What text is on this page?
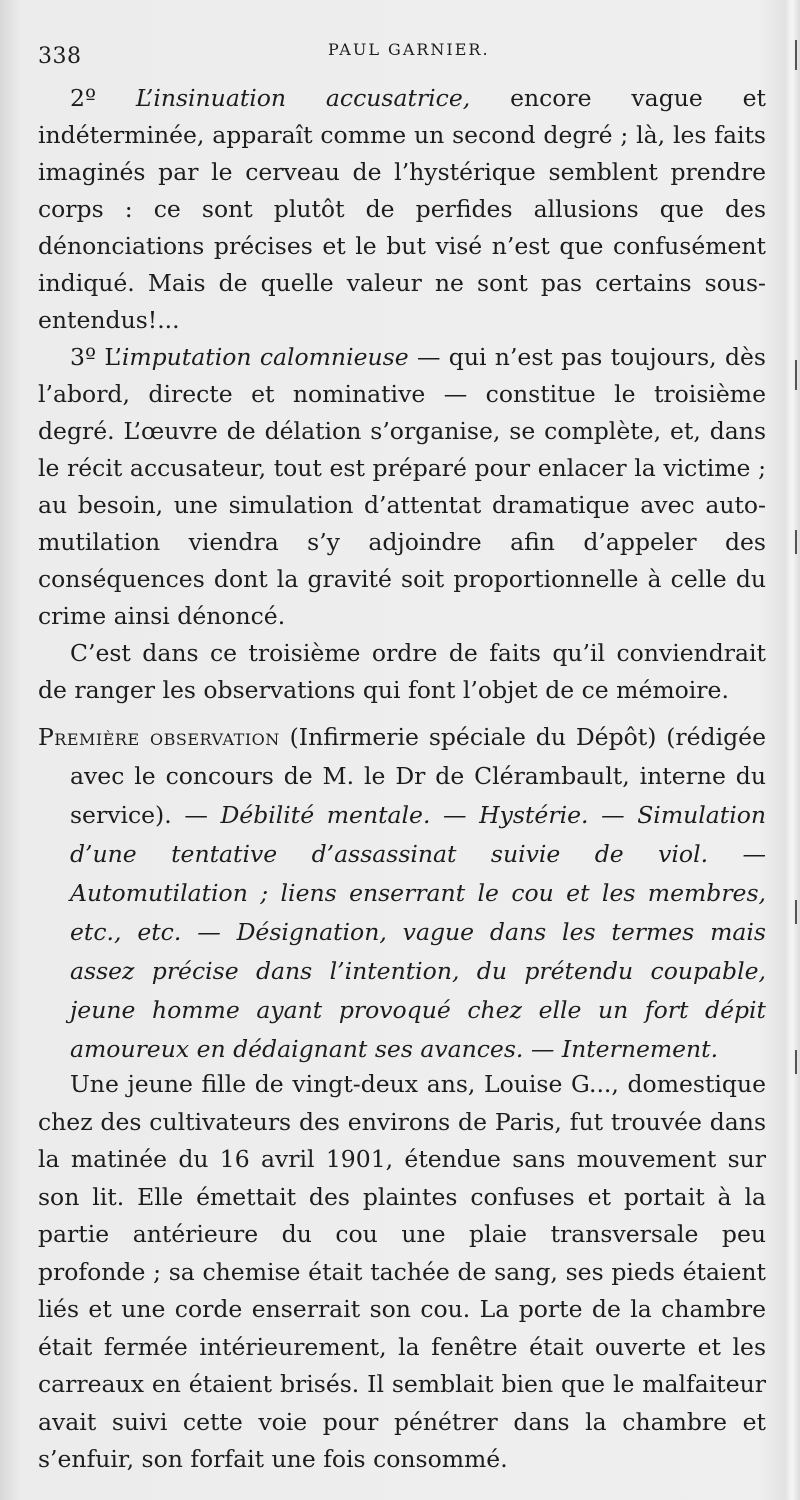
338	PAUL GARNIER.

2º L’insinuation accusatrice, encore vague et indéterminée, apparaît comme un second degré ; là, les faits imaginés par le cerveau de l’hystérique semblent prendre corps : ce sont plutôt de perfides allusions que des dénonciations précises et le but visé n’est que confusément indiqué. Mais de quelle valeur ne sont pas certains sous-entendus!...

3º L’imputation calomnieuse — qui n’est pas toujours, dès l’abord, directe et nominative — constitue le troisième degré. L’œuvre de délation s’organise, se complète, et, dans le récit accusateur, tout est préparé pour enlacer la victime ; au besoin, une simulation d’attentat dramatique avec auto-mutilation viendra s’y adjoindre afin d’appeler des conséquences dont la gravité soit proportionnelle à celle du crime ainsi dénoncé.

C’est dans ce troisième ordre de faits qu’il conviendrait de ranger les observations qui font l’objet de ce mémoire.

Première observation (Infirmerie spéciale du Dépôt) (rédigée avec le concours de M. le Dr de Clérambault, interne du service). — Débilité mentale. — Hystérie. — Simulation d’une tentative d’assassinat suivie de viol. — Automutilation ; liens enserrant le cou et les membres, etc., etc. — Désignation, vague dans les termes mais assez précise dans l’intention, du prétendu coupable, jeune homme ayant provoqué chez elle un fort dépit amoureux en dédaignant ses avances. — Internement.

Une jeune fille de vingt-deux ans, Louise G..., domestique chez des cultivateurs des environs de Paris, fut trouvée dans la matinée du 16 avril 1901, étendue sans mouvement sur son lit. Elle émettait des plaintes confuses et portait à la partie antérieure du cou une plaie transversale peu profonde ; sa chemise était tachée de sang, ses pieds étaient liés et une corde enserrait son cou. La porte de la chambre était fermée intérieurement, la fenêtre était ouverte et les carreaux en étaient brisés. Il semblait bien que le malfaiteur avait suivi cette voie pour pénétrer dans la chambre et s’enfuir, son forfait une fois consommé.
